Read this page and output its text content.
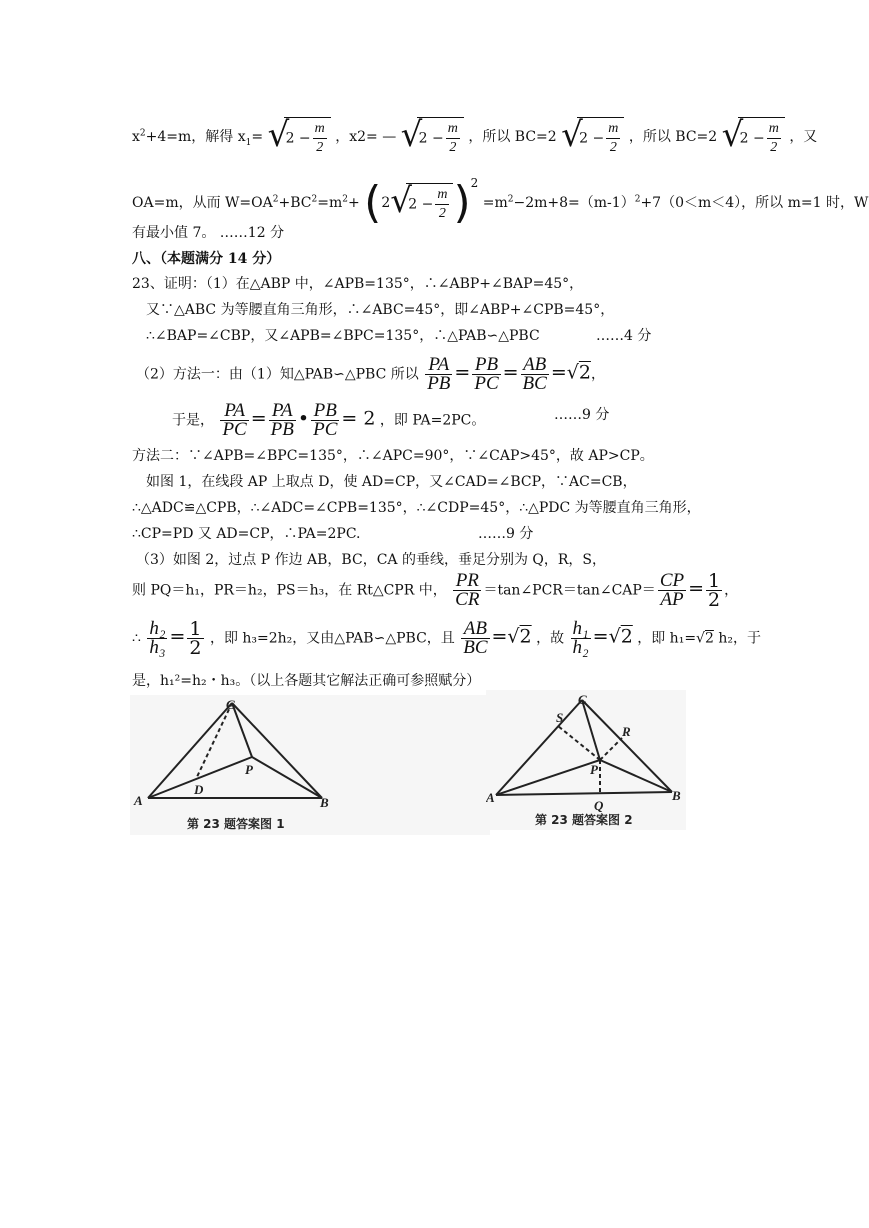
$x^2+4=m$，解得 $x_1=$ √
$2 - \frac{m}{2}$ ，x2= — √
$2 - \frac{m}{2}$ ，所以 BC=2 √
$2 - \frac{m}{2}$ ，所以 BC=2 √
$2 - \frac{m}{2}$ ，又
OA=m，从而 $W=OA^2+BC^2=m^2+ (2$ √
$2 - \frac{m}{2} )^2 =m^2-2m+8=(m-1)^2+7(0<m<4)$，所以 m=1 时，W
有最小值 7。 ……12 分
八、（本题满分 14 分）
23、证明：（1）在△ABP 中，∠APB=135°，∴∠ABP+∠BAP=45°，
又∵△ABC 为等腰直角三角形，∴∠ABC=45°，即∠ABP+∠CPB=45°，
∴∠BAP=∠CBP，又∠APB=∠BPC=135°，∴△PAB∽△PBC	……4 分
（2）方法一：由（1）知△PAB∽△PBC 所以 $\frac{PA}{PB} = \frac{PB}{PC} = \frac{AB}{BC} =√2$，
于是， $\frac{PA}{PC} = \frac{PA}{PB}$ • $\frac{PB}{PC} = 2$ ，即 PA=2PC。	……9 分
方法二：∵∠APB=∠BPC=135°，∴∠APC=90°，∵∠CAP>45°，故 AP>CP。
如图 1，在线段 AP 上取点 D，使 AD=CP，又∠CAD=∠BCP，∵AC=CB，
∴△ADC≌△CPB，∴∠ADC=∠CPB=135°，∴∠CDP=45°，∴△PDC 为等腰直角三角形，
∴CP=PD 又 AD=CP，∴PA=2PC.	……9 分
（3）如图 2，过点 P 作边 AB，BC，CA 的垂线，垂足分别为 Q，R，S，
则 PQ＝h₁，PR＝h₂，PS＝h₃，在 Rt△CPR 中， $\frac{PR}{CR}$ ＝tan∠PCR＝tan∠CAP＝ $\frac{CP}{AP} = \frac{1}{2}$ ，
∴ $\frac{\text{h₂}}{\text{h₃}} = \frac{1}{2}$ ，即 h₃=2h₂，又由△PAB∽△PBC，且 $\frac{AB}{BC} =√2$ ，故 $\frac{\text{h₁}}{\text{h₂}} =√2$ ，即 h₁=√2 h₂，于
是，h₁²=h₂・h₃。（以上各题其它解法正确可参照赋分）
C
A	B
D
P
第 23 题答案图 1
C
A	B
P
Q
R
S
第 23 题答案图 2
